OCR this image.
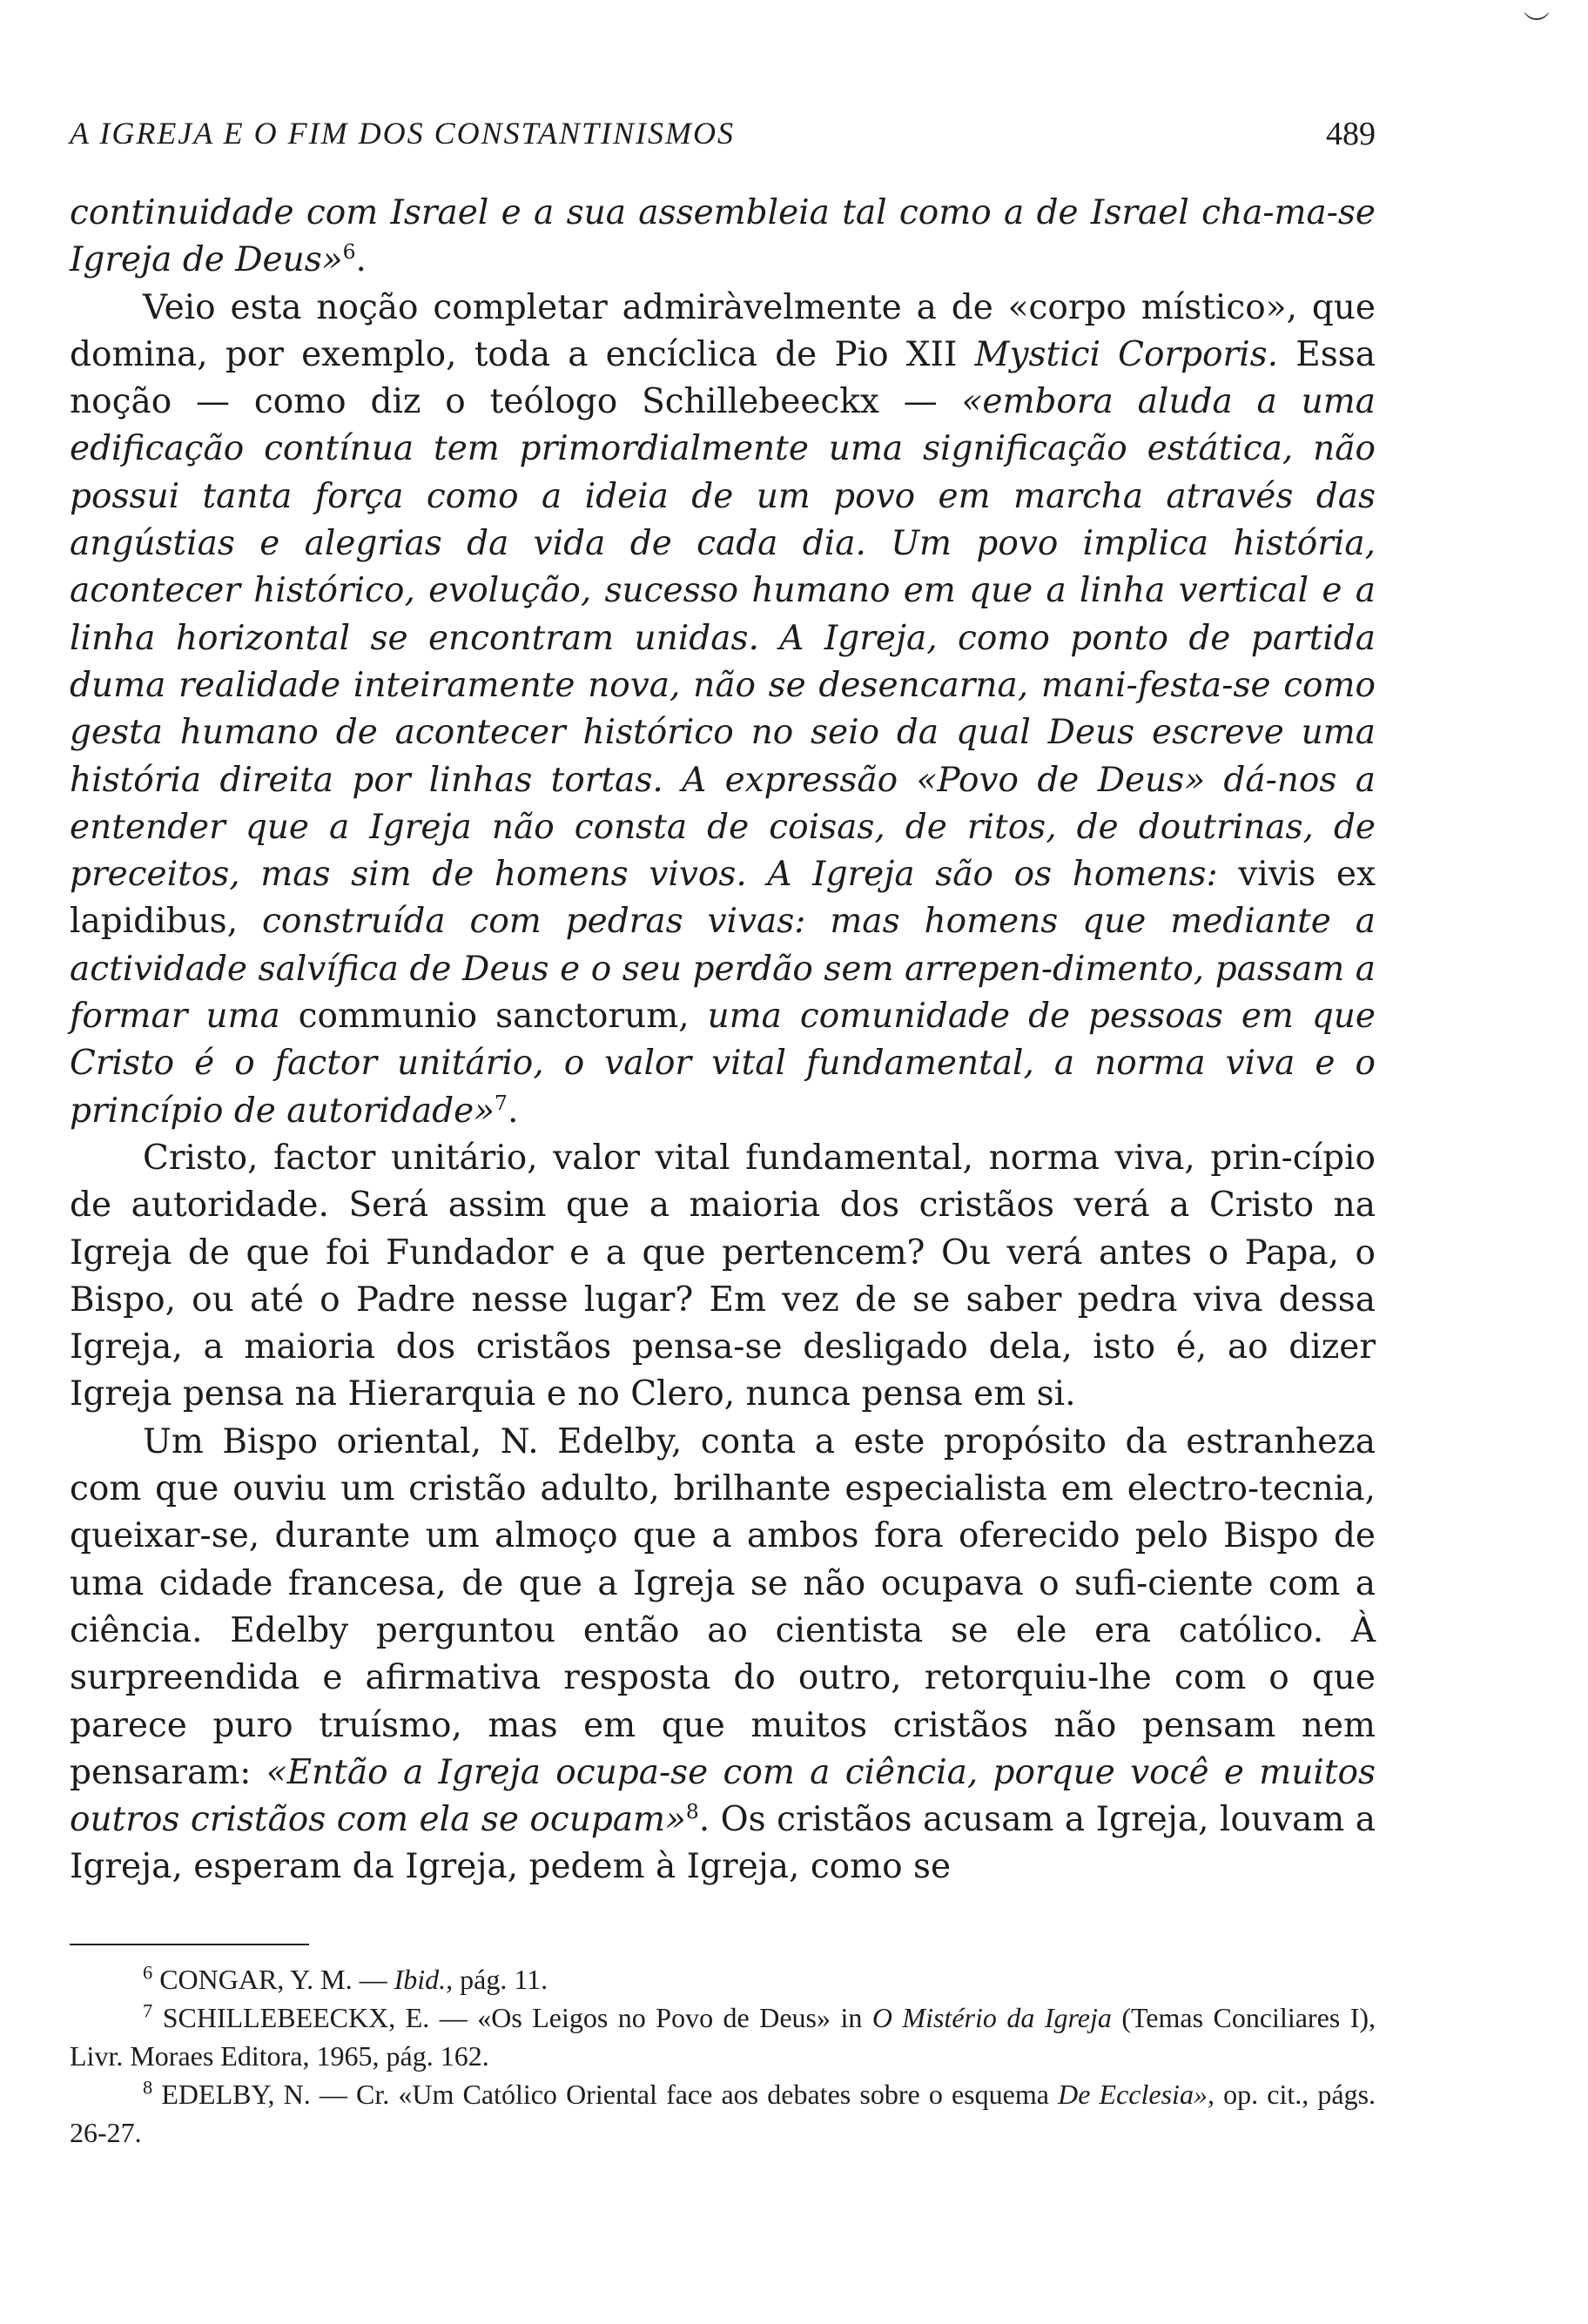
︶
A IGREJA E O FIM DOS CONSTANTINISMOS	489

continuidade com Israel e a sua assembleia tal como a de Israel cha-ma-se Igreja de Deus»$^6$.

Veio esta noção completar admiràvelmente a de «corpo místico», que domina, por exemplo, toda a encíclica de Pio XII Mystici Corporis. Essa noção — como diz o teólogo Schillebeeckx — «embora aluda a uma edificação contínua tem primordialmente uma significação estática, não possui tanta força como a ideia de um povo em marcha através das angústias e alegrias da vida de cada dia. Um povo implica história, acontecer histórico, evolução, sucesso humano em que a linha vertical e a linha horizontal se encontram unidas. A Igreja, como ponto de partida duma realidade inteiramente nova, não se desencarna, mani-festa-se como gesta humano de acontecer histórico no seio da qual Deus escreve uma história direita por linhas tortas. A expressão «Povo de Deus» dá-nos a entender que a Igreja não consta de coisas, de ritos, de doutrinas, de preceitos, mas sim de homens vivos. A Igreja são os homens: vivis ex lapidibus, construída com pedras vivas: mas homens que mediante a actividade salvífica de Deus e o seu perdão sem arrepen-dimento, passam a formar uma communio sanctorum, uma comunidade de pessoas em que Cristo é o factor unitário, o valor vital fundamental, a norma viva e o princípio de autoridade»$^7$.

Cristo, factor unitário, valor vital fundamental, norma viva, prin-cípio de autoridade. Será assim que a maioria dos cristãos verá a Cristo na Igreja de que foi Fundador e a que pertencem? Ou verá antes o Papa, o Bispo, ou até o Padre nesse lugar? Em vez de se saber pedra viva dessa Igreja, a maioria dos cristãos pensa-se desligado dela, isto é, ao dizer Igreja pensa na Hierarquia e no Clero, nunca pensa em si.

Um Bispo oriental, N. Edelby, conta a este propósito da estranheza com que ouviu um cristão adulto, brilhante especialista em electro-tecnia, queixar-se, durante um almoço que a ambos fora oferecido pelo Bispo de uma cidade francesa, de que a Igreja se não ocupava o sufi-ciente com a ciência. Edelby perguntou então ao cientista se ele era católico. À surpreendida e afirmativa resposta do outro, retorquiu-lhe com o que parece puro truísmo, mas em que muitos cristãos não pensam nem pensaram: «Então a Igreja ocupa-se com a ciência, porque você e muitos outros cristãos com ela se ocupam»$^8$. Os cristãos acusam a Igreja, louvam a Igreja, esperam da Igreja, pedem à Igreja, como se

$^6$ CONGAR, Y. M. — Ibid., pág. 11.

$^7$ SCHILLEBEECKX, E. — «Os Leigos no Povo de Deus» in O Mistério da Igreja (Temas Conciliares I), Livr. Moraes Editora, 1965, pág. 162.

$^8$ EDELBY, N. — Cr. «Um Católico Oriental face aos debates sobre o esquema De Ecclesia», op. cit., págs. 26-27.
